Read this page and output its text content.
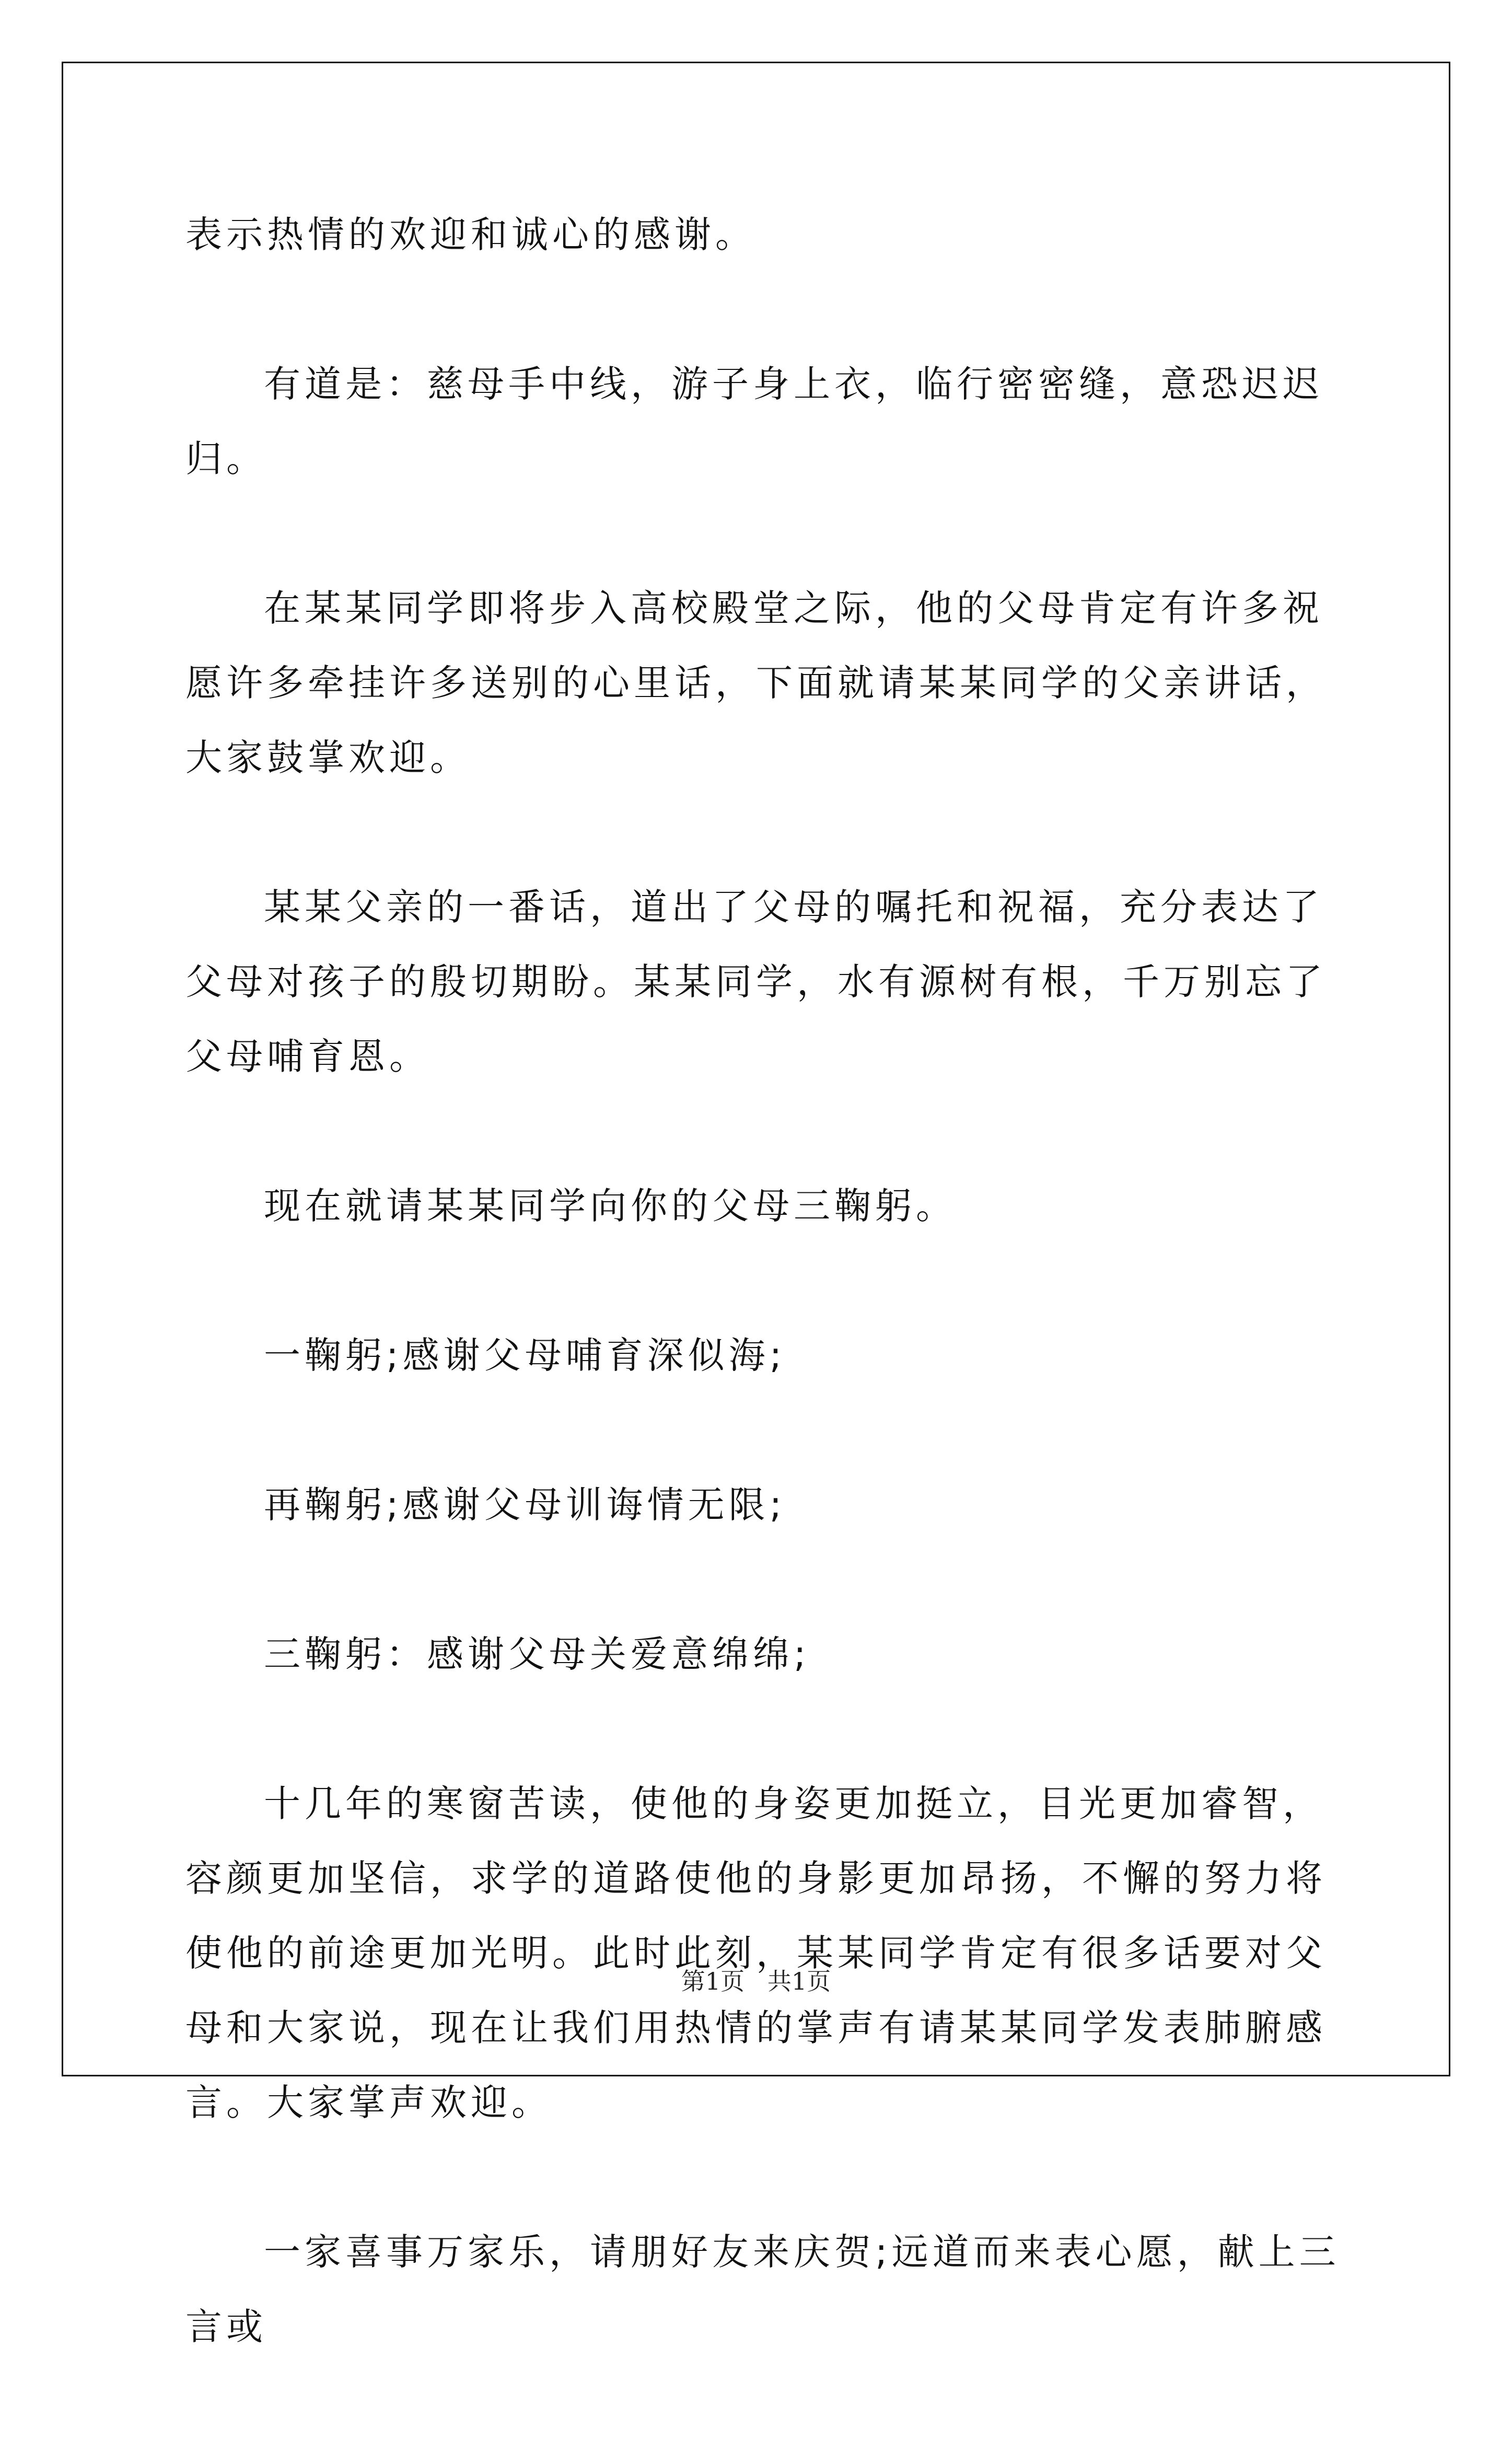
表示热情的欢迎和诚心的感谢。

有道是：慈母手中线，游子身上衣，临行密密缝，意恐迟迟归。

在某某同学即将步入高校殿堂之际，他的父母肯定有许多祝愿许多牵挂许多送别的心里话，下面就请某某同学的父亲讲话，大家鼓掌欢迎。

某某父亲的一番话，道出了父母的嘱托和祝福，充分表达了父母对孩子的殷切期盼。某某同学，水有源树有根，千万别忘了父母哺育恩。

现在就请某某同学向你的父母三鞠躬。

一鞠躬;感谢父母哺育深似海;

再鞠躬;感谢父母训诲情无限;

三鞠躬：感谢父母关爱意绵绵;

十几年的寒窗苦读，使他的身姿更加挺立，目光更加睿智，容颜更加坚信，求学的道路使他的身影更加昂扬，不懈的努力将使他的前途更加光明。此时此刻，某某同学肯定有很多话要对父母和大家说，现在让我们用热情的掌声有请某某同学发表肺腑感言。大家掌声欢迎。

一家喜事万家乐，请朋好友来庆贺;远道而来表心愿，献上三言或

第1页   共1页
